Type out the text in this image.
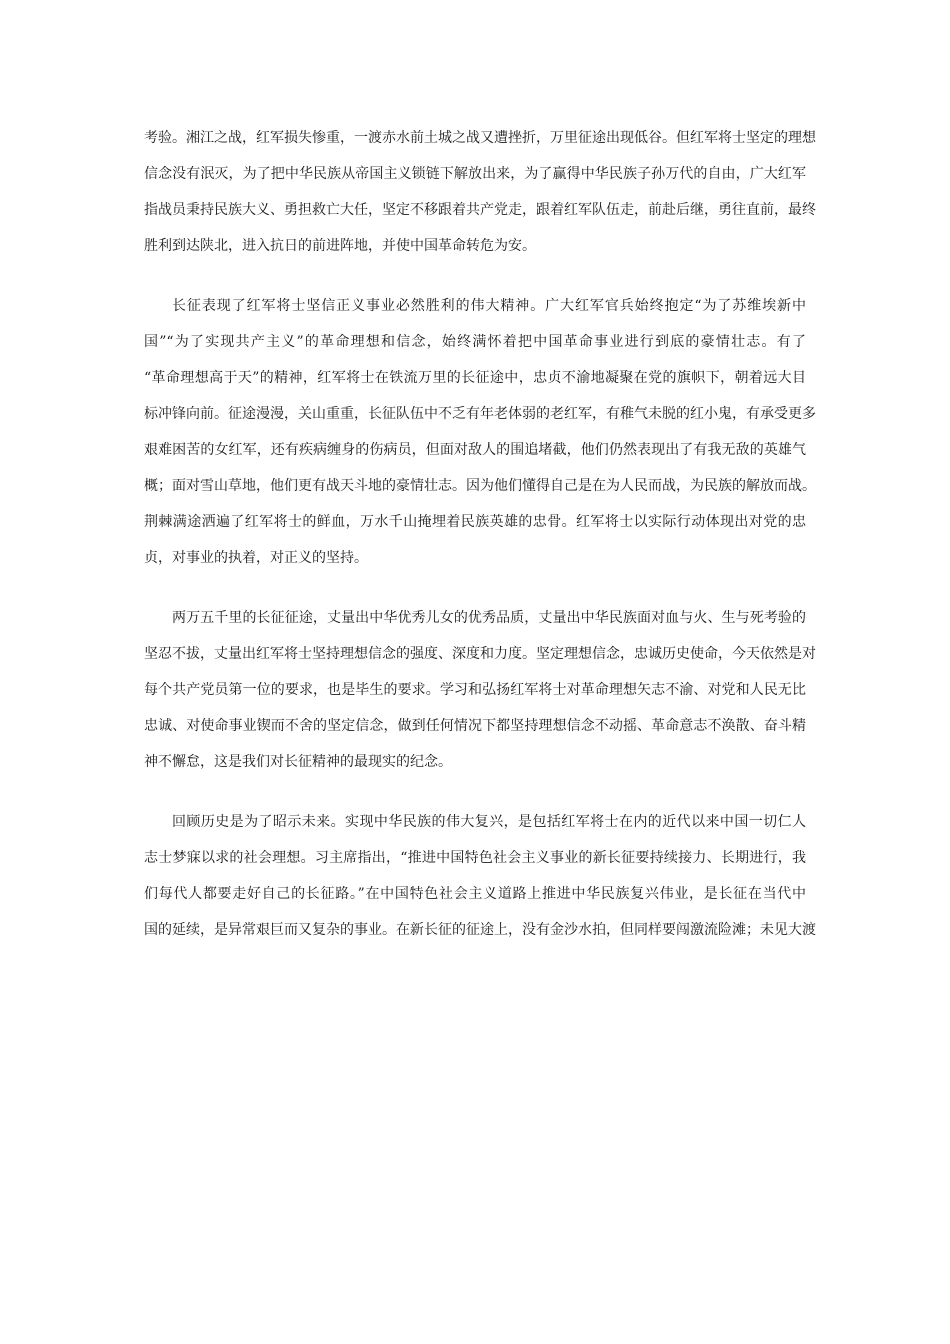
考验。湘江之战，红军损失惨重，一渡赤水前土城之战又遭挫折，万里征途出现低谷。但红军将士坚定的理想
信念没有泯灭，为了把中华民族从帝国主义锁链下解放出来，为了赢得中华民族子孙万代的自由，广大红军
指战员秉持民族大义、勇担救亡大任，坚定不移跟着共产党走，跟着红军队伍走，前赴后继，勇往直前，最终
胜利到达陕北，进入抗日的前进阵地，并使中国革命转危为安。
长征表现了红军将士坚信正义事业必然胜利的伟大精神。广大红军官兵始终抱定“为了苏维埃新中
国”“为了实现共产主义”的革命理想和信念，始终满怀着把中国革命事业进行到底的豪情壮志。有了
“革命理想高于天”的精神，红军将士在铁流万里的长征途中，忠贞不渝地凝聚在党的旗帜下，朝着远大目
标冲锋向前。征途漫漫，关山重重，长征队伍中不乏有年老体弱的老红军，有稚气未脱的红小鬼，有承受更多
艰难困苦的女红军，还有疾病缠身的伤病员，但面对敌人的围追堵截，他们仍然表现出了有我无敌的英雄气
概；面对雪山草地，他们更有战天斗地的豪情壮志。因为他们懂得自己是在为人民而战，为民族的解放而战。
荆棘满途洒遍了红军将士的鲜血，万水千山掩埋着民族英雄的忠骨。红军将士以实际行动体现出对党的忠
贞，对事业的执着，对正义的坚持。
两万五千里的长征征途，丈量出中华优秀儿女的优秀品质，丈量出中华民族面对血与火、生与死考验的
坚忍不拔，丈量出红军将士坚持理想信念的强度、深度和力度。坚定理想信念，忠诚历史使命，今天依然是对
每个共产党员第一位的要求，也是毕生的要求。学习和弘扬红军将士对革命理想矢志不渝、对党和人民无比
忠诚、对使命事业锲而不舍的坚定信念，做到任何情况下都坚持理想信念不动摇、革命意志不涣散、奋斗精
神不懈怠，这是我们对长征精神的最现实的纪念。
回顾历史是为了昭示未来。实现中华民族的伟大复兴，是包括红军将士在内的近代以来中国一切仁人
志士梦寐以求的社会理想。习主席指出，“推进中国特色社会主义事业的新长征要持续接力、长期进行，我
们每代人都要走好自己的长征路。”在中国特色社会主义道路上推进中华民族复兴伟业，是长征在当代中
国的延续，是异常艰巨而又复杂的事业。在新长征的征途上，没有金沙水拍，但同样要闯激流险滩；未见大渡
